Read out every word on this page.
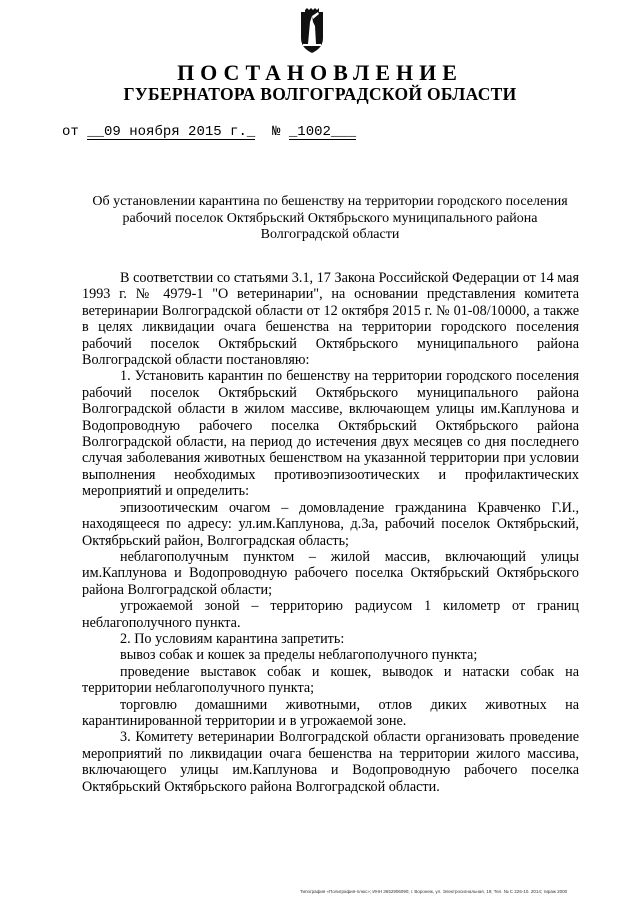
ПОСТАНОВЛЕНИЕ
ГУБЕРНАТОРА ВОЛГОГРАДСКОЙ ОБЛАСТИ
от __09 ноября 2015 г._ № _1002___
Об установлении карантина по бешенству на территории городского поселения рабочий поселок Октябрьский Октябрьского муниципального района Волгоградской области

В соответствии со статьями 3.1, 17 Закона Российской Федерации от 14 мая 1993 г. № 4979-1 "О ветеринарии", на основании представления комитета ветеринарии Волгоградской области от 12 октября 2015 г. № 01-08/10000, а также в целях ликвидации очага бешенства на территории городского поселения рабочий поселок Октябрьский Октябрьского муниципального района Волгоградской области постановляю:

1. Установить карантин по бешенству на территории городского поселения рабочий поселок Октябрьский Октябрьского муниципального района Волгоградской области в жилом массиве, включающем улицы им.Каплунова и Водопроводную рабочего поселка Октябрьский Октябрьского района Волгоградской области, на период до истечения двух месяцев со дня последнего случая заболевания животных бешенством на указанной территории при условии выполнения необходимых противоэпизоотических и профилактических мероприятий и определить:

эпизоотическим очагом – домовладение гражданина Кравченко Г.И., находящееся по адресу: ул.им.Каплунова, д.3а, рабочий поселок Октябрьский, Октябрьский район, Волгоградская область;

неблагополучным пунктом – жилой массив, включающий улицы им.Каплунова и Водопроводную рабочего поселка Октябрьский Октябрьского района Волгоградской области;

угрожаемой зоной – территорию радиусом 1 километр от границ неблагополучного пункта.

2. По условиям карантина запретить:

вывоз собак и кошек за пределы неблагополучного пункта;

проведение выставок собак и кошек, выводок и натаски собак на территории неблагополучного пункта;

торговлю домашними животными, отлов диких животных на карантинированной территории и в угрожаемой зоне.

3. Комитету ветеринарии Волгоградской области организовать проведение мероприятий по ликвидации очага бешенства на территории жилого массива, включающего улицы им.Каплунова и Водопроводную рабочего поселка Октябрьский Октябрьского района Волгоградской области.

Типография «Полиграфия-плюс»; ИНН 3652906090; г. Воронеж, ул. Электросигнальная, 19; Тел. № С 226-10. 2014; тираж 2000
